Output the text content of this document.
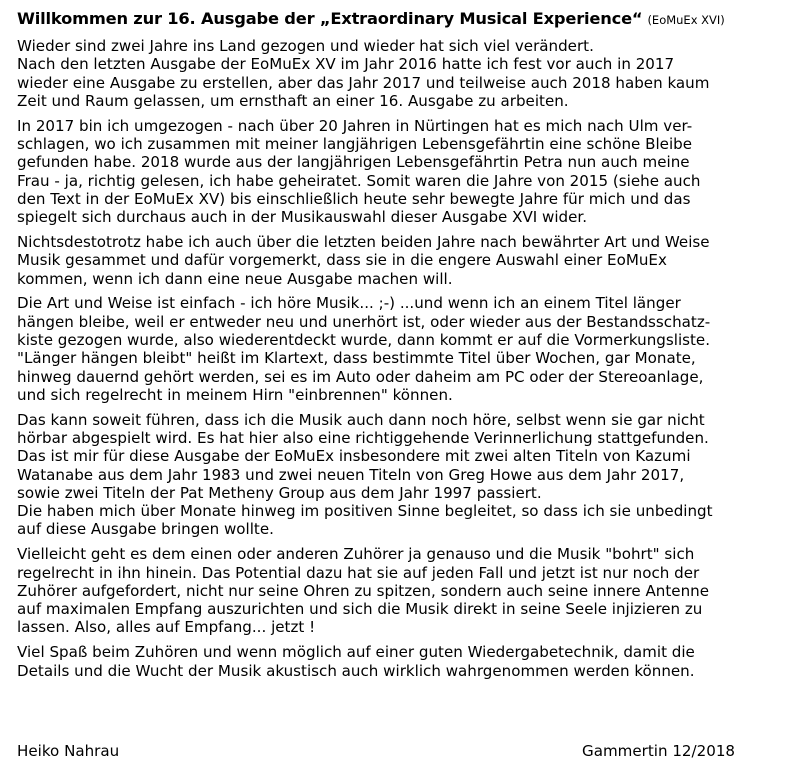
Willkommen zur 16. Ausgabe der „Extraordinary Musical Experience“ (EoMuEx XVI)

Wieder sind zwei Jahre ins Land gezogen und wieder hat sich viel verändert.
Nach den letzten Ausgabe der EoMuEx XV im Jahr 2016 hatte ich fest vor auch in 2017
wieder eine Ausgabe zu erstellen, aber das Jahr 2017 und teilweise auch 2018 haben kaum
Zeit und Raum gelassen, um ernsthaft an einer 16. Ausgabe zu arbeiten.

In 2017 bin ich umgezogen - nach über 20 Jahren in Nürtingen hat es mich nach Ulm ver-
schlagen, wo ich zusammen mit meiner langjährigen Lebensgefährtin eine schöne Bleibe
gefunden habe. 2018 wurde aus der langjährigen Lebensgefährtin Petra nun auch meine
Frau - ja, richtig gelesen, ich habe geheiratet. Somit waren die Jahre von 2015 (siehe auch
den Text in der EoMuEx XV) bis einschließlich heute sehr bewegte Jahre für mich und das
spiegelt sich durchaus auch in der Musikauswahl dieser Ausgabe XVI wider.

Nichtsdestotrotz habe ich auch über die letzten beiden Jahre nach bewährter Art und Weise
Musik gesammet und dafür vorgemerkt, dass sie in die engere Auswahl einer EoMuEx
kommen, wenn ich dann eine neue Ausgabe machen will.

Die Art und Weise ist einfach - ich höre Musik... ;-) ...und wenn ich an einem Titel länger
hängen bleibe, weil er entweder neu und unerhört ist, oder wieder aus der Bestandsschatz-
kiste gezogen wurde, also wiederentdeckt wurde, dann kommt er auf die Vormerkungsliste.
"Länger hängen bleibt" heißt im Klartext, dass bestimmte Titel über Wochen, gar Monate,
hinweg dauernd gehört werden, sei es im Auto oder daheim am PC oder der Stereoanlage,
und sich regelrecht in meinem Hirn "einbrennen" können.

Das kann soweit führen, dass ich die Musik auch dann noch höre, selbst wenn sie gar nicht
hörbar abgespielt wird. Es hat hier also eine richtiggehende Verinnerlichung stattgefunden.
Das ist mir für diese Ausgabe der EoMuEx insbesondere mit zwei alten Titeln von Kazumi
Watanabe aus dem Jahr 1983 und zwei neuen Titeln von Greg Howe aus dem Jahr 2017,
sowie zwei Titeln der Pat Metheny Group aus dem Jahr 1997 passiert.
Die haben mich über Monate hinweg im positiven Sinne begleitet, so dass ich sie unbedingt
auf diese Ausgabe bringen wollte.

Vielleicht geht es dem einen oder anderen Zuhörer ja genauso und die Musik "bohrt" sich
regelrecht in ihn hinein. Das Potential dazu hat sie auf jeden Fall und jetzt ist nur noch der
Zuhörer aufgefordert, nicht nur seine Ohren zu spitzen, sondern auch seine innere Antenne
auf maximalen Empfang auszurichten und sich die Musik direkt in seine Seele injizieren zu
lassen. Also, alles auf Empfang... jetzt !

Viel Spaß beim Zuhören und wenn möglich auf einer guten Wiedergabetechnik, damit die
Details und die Wucht der Musik akustisch auch wirklich wahrgenommen werden können.

Heiko Nahrau	Gammertin 12/2018
